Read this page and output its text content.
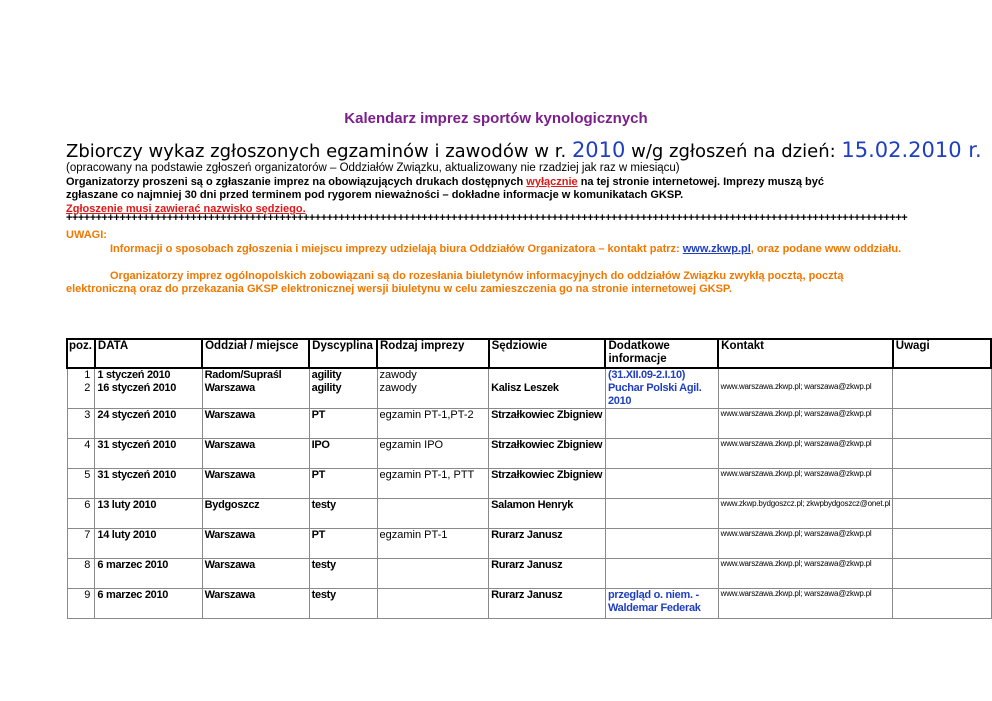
Kalendarz imprez sportów kynologicznych
Zbiorczy wykaz zgłoszonych egzaminów i zawodów w r. 2010 w/g zgłoszeń na dzień: 15.02.2010 r.
(opracowany na podstawie zgłoszeń organizatorów – Oddziałów Związku, aktualizowany nie rzadziej jak raz w miesiącu)
Organizatorzy proszeni są o zgłaszanie imprez na obowiązujących drukach dostępnych wyłącznie na tej stronie internetowej. Imprezy muszą być
zgłaszane co najmniej 30 dni przed terminem pod rygorem nieważności – dokładne informacje w komunikatach GKSP.
Zgłoszenie musi zawierać nazwisko sędziego.
++++++++++++++++++++++++++++++++++++++++++++++++++++++++++++++++++++++++++++++++++++++++++++++++++++++++++++++++++++++++++++++++++++++++++++++
UWAGI:
Informacji o sposobach zgłoszenia i miejscu imprezy udzielają biura Oddziałów Organizatora – kontakt patrz: www.zkwp.pl, oraz podane www oddziału.
Organizatorzy imprez ogólnopolskich zobowiązani są do rozesłania biuletynów informacyjnych do oddziałów Związku zwykłą pocztą, pocztą elektroniczną oraz do przekazania GKSP elektronicznej wersji biuletynu w celu zamieszczenia go na stronie internetowej GKSP.
poz.	DATA	Oddział / miejsce	Dyscyplina	Rodzaj imprezy	Sędziowie	Dodatkowe informacje	Kontakt	Uwagi
1	1 styczeń 2010	Radom/Supraśl	agility	zawody		(31.XII.09-2.I.10)		
2	16 styczeń 2010	Warszawa	agility	zawody	Kalisz Leszek	Puchar Polski Agil. 2010	www.warszawa.zkwp.pl; warszawa@zkwp.pl	
3	24 styczeń 2010	Warszawa	PT	egzamin PT-1,PT-2	Strzałkowiec Zbigniew		www.warszawa.zkwp.pl; warszawa@zkwp.pl	
4	31 styczeń 2010	Warszawa	IPO	egzamin IPO	Strzałkowiec Zbigniew		www.warszawa.zkwp.pl; warszawa@zkwp.pl	
5	31 styczeń 2010	Warszawa	PT	egzamin PT-1, PTT	Strzałkowiec Zbigniew		www.warszawa.zkwp.pl; warszawa@zkwp.pl	
6	13 luty 2010	Bydgoszcz	testy		Salamon Henryk		www.zkwp.bydgoszcz.pl; zkwpbydgoszcz@onet.pl	
7	14 luty 2010	Warszawa	PT	egzamin PT-1	Rurarz Janusz		www.warszawa.zkwp.pl; warszawa@zkwp.pl	
8	6 marzec 2010	Warszawa	testy		Rurarz Janusz		www.warszawa.zkwp.pl; warszawa@zkwp.pl	
9	6 marzec 2010	Warszawa	testy		Rurarz Janusz	przegląd o. niem. - Waldemar Federak	www.warszawa.zkwp.pl; warszawa@zkwp.pl	
